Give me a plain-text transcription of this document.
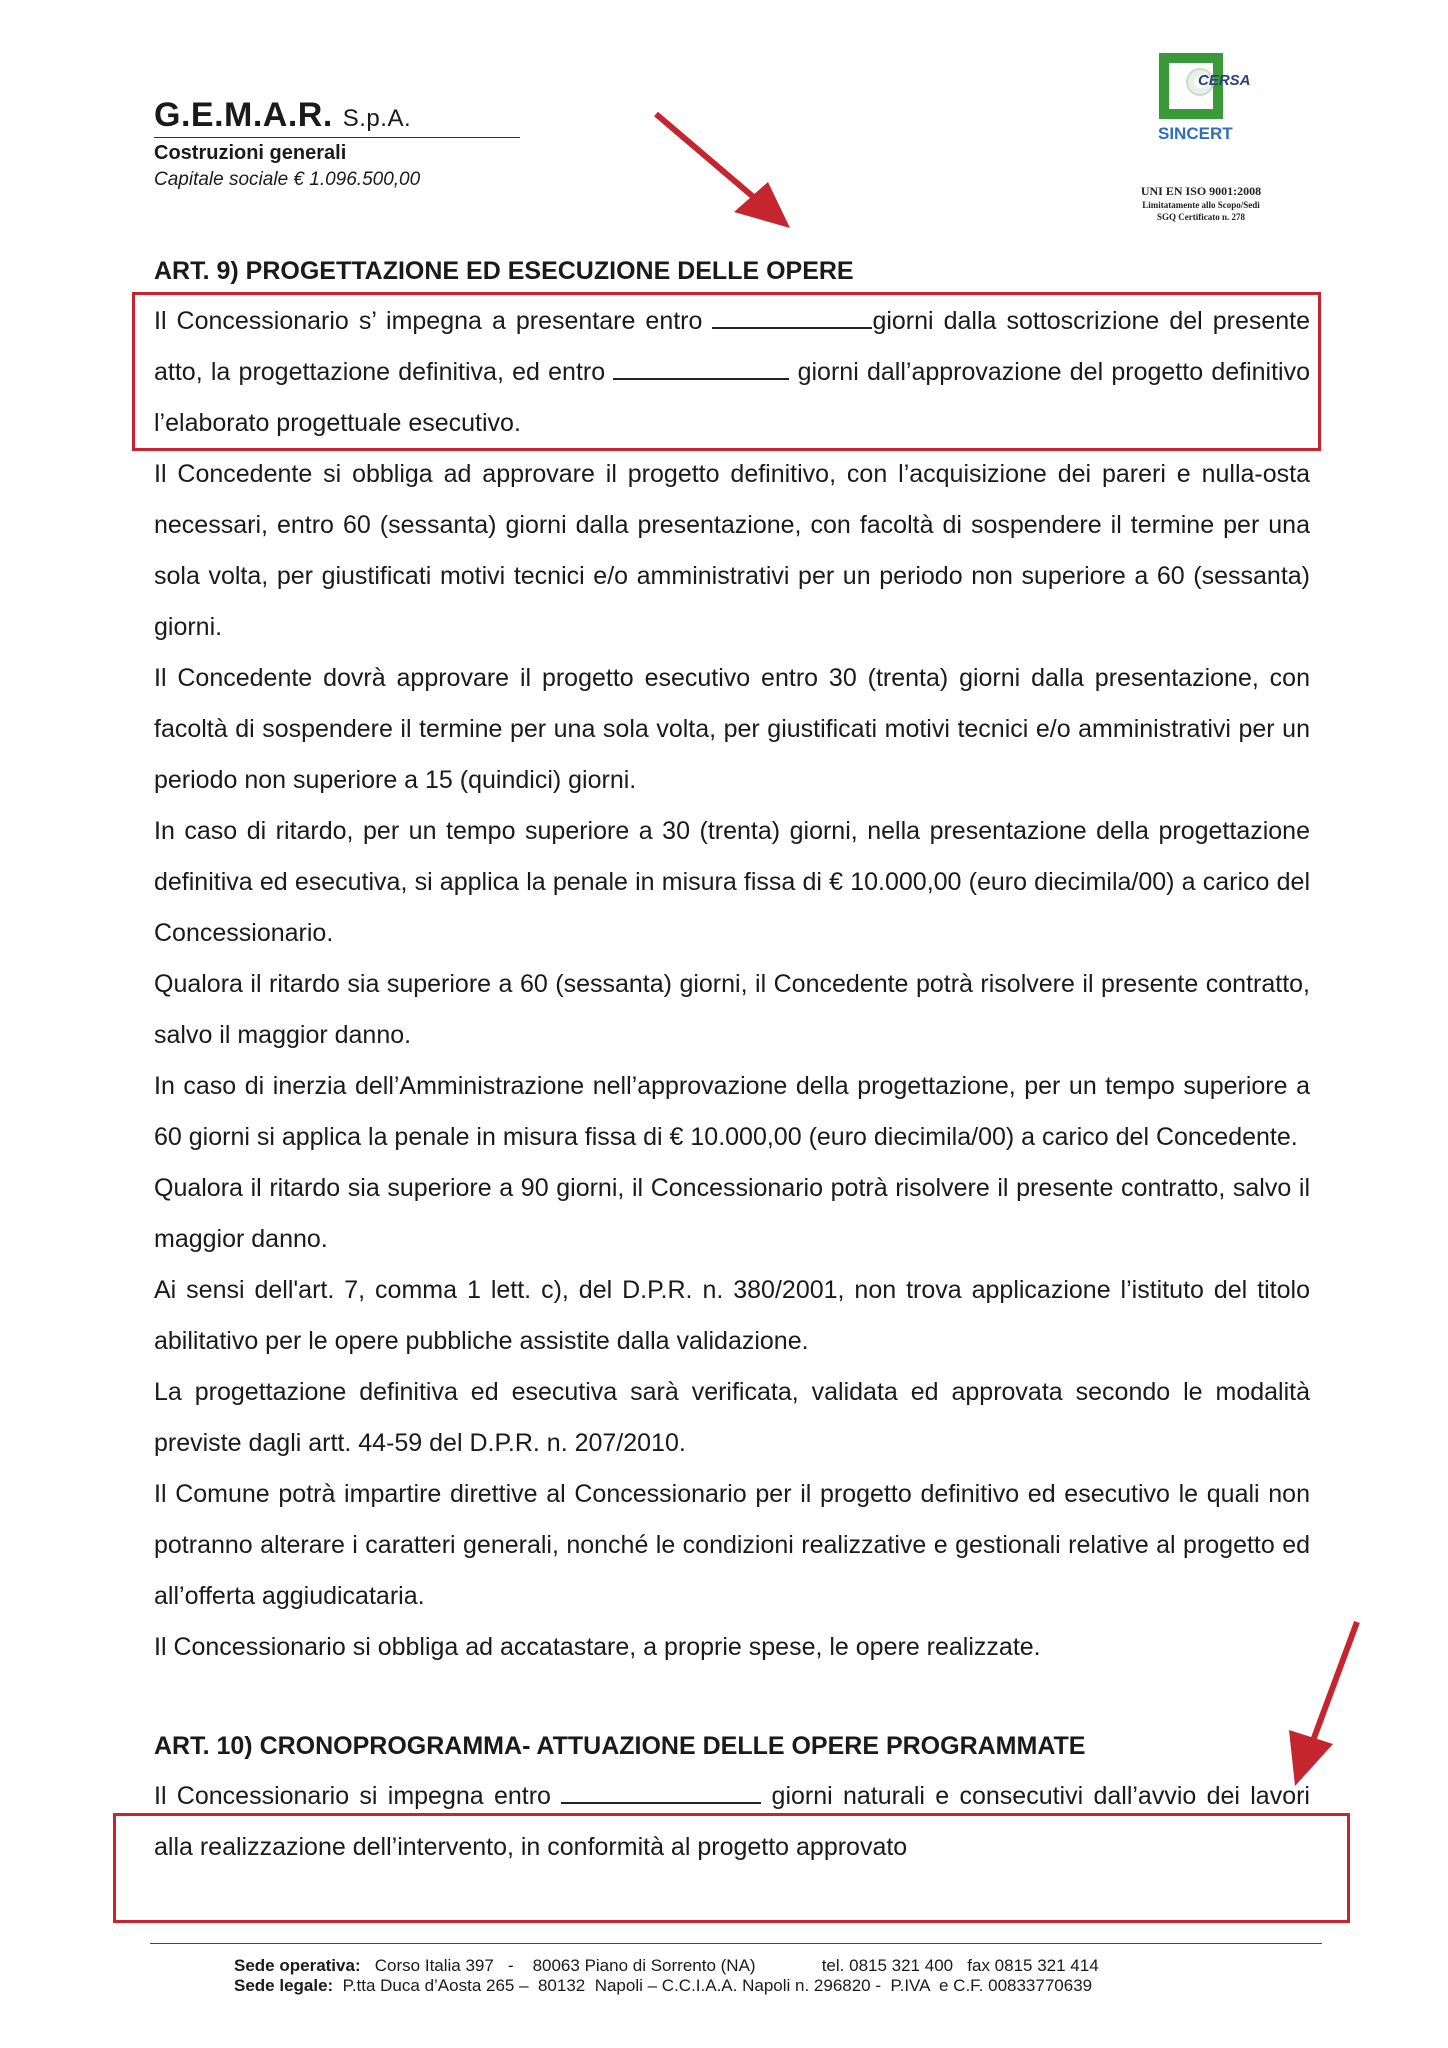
G.E.M.A.R. S.p.A.
Costruzioni generali
Capitale sociale € 1.096.500,00
CERSA
SINCERT
UNI EN ISO 9001:2008
Limitatamente allo Scopo/Sedi
SGQ Certificato n. 278
ART. 9) PROGETTAZIONE ED ESECUZIONE DELLE OPERE

Il Concessionario s’ impegna a presentare entro	giorni dalla sottoscrizione del presente atto, la progettazione definitiva, ed entro	giorni dall’approvazione del progetto definitivo l’elaborato progettuale esecutivo.

Il Concedente si obbliga ad approvare il progetto definitivo, con l’acquisizione dei pareri e nulla-osta necessari, entro 60 (sessanta) giorni dalla presentazione, con facoltà di sospendere il termine per una sola volta, per giustificati motivi tecnici e/o amministrativi per un periodo non superiore a 60 (sessanta) giorni.

Il Concedente dovrà approvare il progetto esecutivo entro 30 (trenta) giorni dalla presentazione, con facoltà di sospendere il termine per una sola volta, per giustificati motivi tecnici e/o amministrativi per un periodo non superiore a 15 (quindici) giorni.

In caso di ritardo, per un tempo superiore a 30 (trenta) giorni, nella presentazione della progettazione definitiva ed esecutiva, si applica la penale in misura fissa di € 10.000,00 (euro diecimila/00) a carico del Concessionario.

Qualora il ritardo sia superiore a 60 (sessanta) giorni, il Concedente potrà risolvere il presente contratto, salvo il maggior danno.

In caso di inerzia dell’Amministrazione nell’approvazione della progettazione, per un tempo superiore a 60 giorni si applica la penale in misura fissa di € 10.000,00 (euro diecimila/00) a carico del Concedente.

Qualora il ritardo sia superiore a 90 giorni, il Concessionario potrà risolvere il presente contratto, salvo il maggior danno.

Ai sensi dell'art. 7, comma 1 lett. c), del D.P.R. n. 380/2001, non trova applicazione l’istituto del titolo abilitativo per le opere pubbliche assistite dalla validazione.

La progettazione definitiva ed esecutiva sarà verificata, validata ed approvata secondo le modalità previste dagli artt. 44-59 del D.P.R. n. 207/2010.

Il Comune potrà impartire direttive al Concessionario per il progetto definitivo ed esecutivo le quali non potranno alterare i caratteri generali, nonché le condizioni realizzative e gestionali relative al progetto ed all’offerta aggiudicataria.

Il Concessionario si obbliga ad accatastare, a proprie spese, le opere realizzate.

ART. 10) CRONOPROGRAMMA- ATTUAZIONE DELLE OPERE PROGRAMMATE

Il Concessionario si impegna entro	giorni naturali e consecutivi dall’avvio dei lavori alla realizzazione dell’intervento, in conformità al progetto approvato

Sede operativa:   Corso Italia 397   -    80063 Piano di Sorrento (NA)              tel. 0815 321 400   fax 0815 321 414
Sede legale:  P.tta Duca d’Aosta 265 –  80132  Napoli – C.C.I.A.A. Napoli n. 296820 -  P.IVA  e C.F. 00833770639
